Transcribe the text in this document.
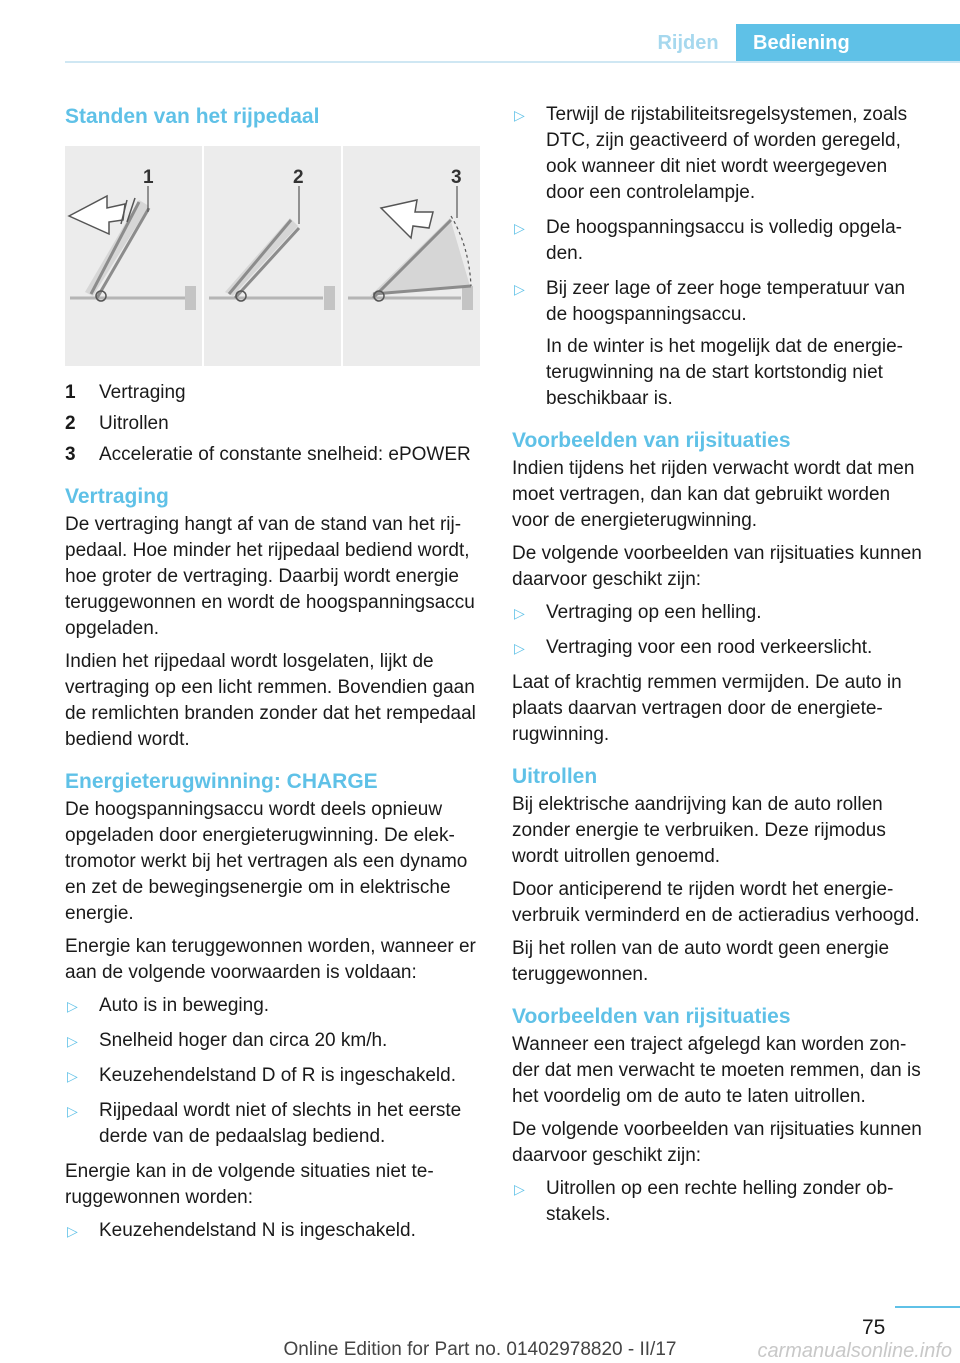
Rijden	Bediening
Standen van het rijpedaal
1	2	3
1	Vertraging
2	Uitrollen
3	Acceleratie of constante snelheid: ePOWER
Vertraging

De vertraging hangt af van de stand van het rijpedaal. Hoe minder het rijpedaal bediend wordt, hoe groter de vertraging. Daarbij wordt energie teruggewonnen en wordt de hoogspanningsaccu opgeladen.

Indien het rijpedaal wordt losgelaten, lijkt de vertraging op een licht remmen. Bovendien gaan de remlichten branden zonder dat het rempedaal bediend wordt.

Energieterugwinning: CHARGE

De hoogspanningsaccu wordt deels opnieuw opgeladen door energieterugwinning. De elektromotor werkt bij het vertragen als een dynamo en zet de bewegingsenergie om in elektrische energie.

Energie kan teruggewonnen worden, wanneer er aan de volgende voorwaarden is voldaan:

▷	Auto is in beweging.
▷	Snelheid hoger dan circa 20 km/h.
▷	Keuzehendelstand D of R is ingeschakeld.
▷	Rijpedaal wordt niet of slechts in het eerste derde van de pedaalslag bediend.

Energie kan in de volgende situaties niet teruggewonnen worden:

▷	Keuzehendelstand N is ingeschakeld.
▷	Terwijl de rijstabiliteitsregelsystemen, zoals DTC, zijn geactiveerd of worden geregeld, ook wanneer dit niet wordt weergegeven door een controlelampje.
▷	De hoogspanningsaccu is volledig opgeladen.
▷	Bij zeer lage of zeer hoge temperatuur van de hoogspanningsaccu.
In de winter is het mogelijk dat de energieterugwinning na de start kortstondig niet beschikbaar is.
Voorbeelden van rijsituaties

Indien tijdens het rijden verwacht wordt dat men moet vertragen, dan kan dat gebruikt worden voor de energieterugwinning.

De volgende voorbeelden van rijsituaties kunnen daarvoor geschikt zijn:

▷	Vertraging op een helling.
▷	Vertraging voor een rood verkeerslicht.

Laat of krachtig remmen vermijden. De auto in plaats daarvan vertragen door de energieterugwinning.

Uitrollen

Bij elektrische aandrijving kan de auto rollen zonder energie te verbruiken. Deze rijmodus wordt uitrollen genoemd.

Door anticiperend te rijden wordt het energieverbruik verminderd en de actieradius verhoogd.

Bij het rollen van de auto wordt geen energie teruggewonnen.

Voorbeelden van rijsituaties

Wanneer een traject afgelegd kan worden zonder dat men verwacht te moeten remmen, dan is het voordelig om de auto te laten uitrollen.

De volgende voorbeelden van rijsituaties kunnen daarvoor geschikt zijn:

▷	Uitrollen op een rechte helling zonder obstakels.
75
Online Edition for Part no. 01402978820 - II/17	carmanualsonline.info
